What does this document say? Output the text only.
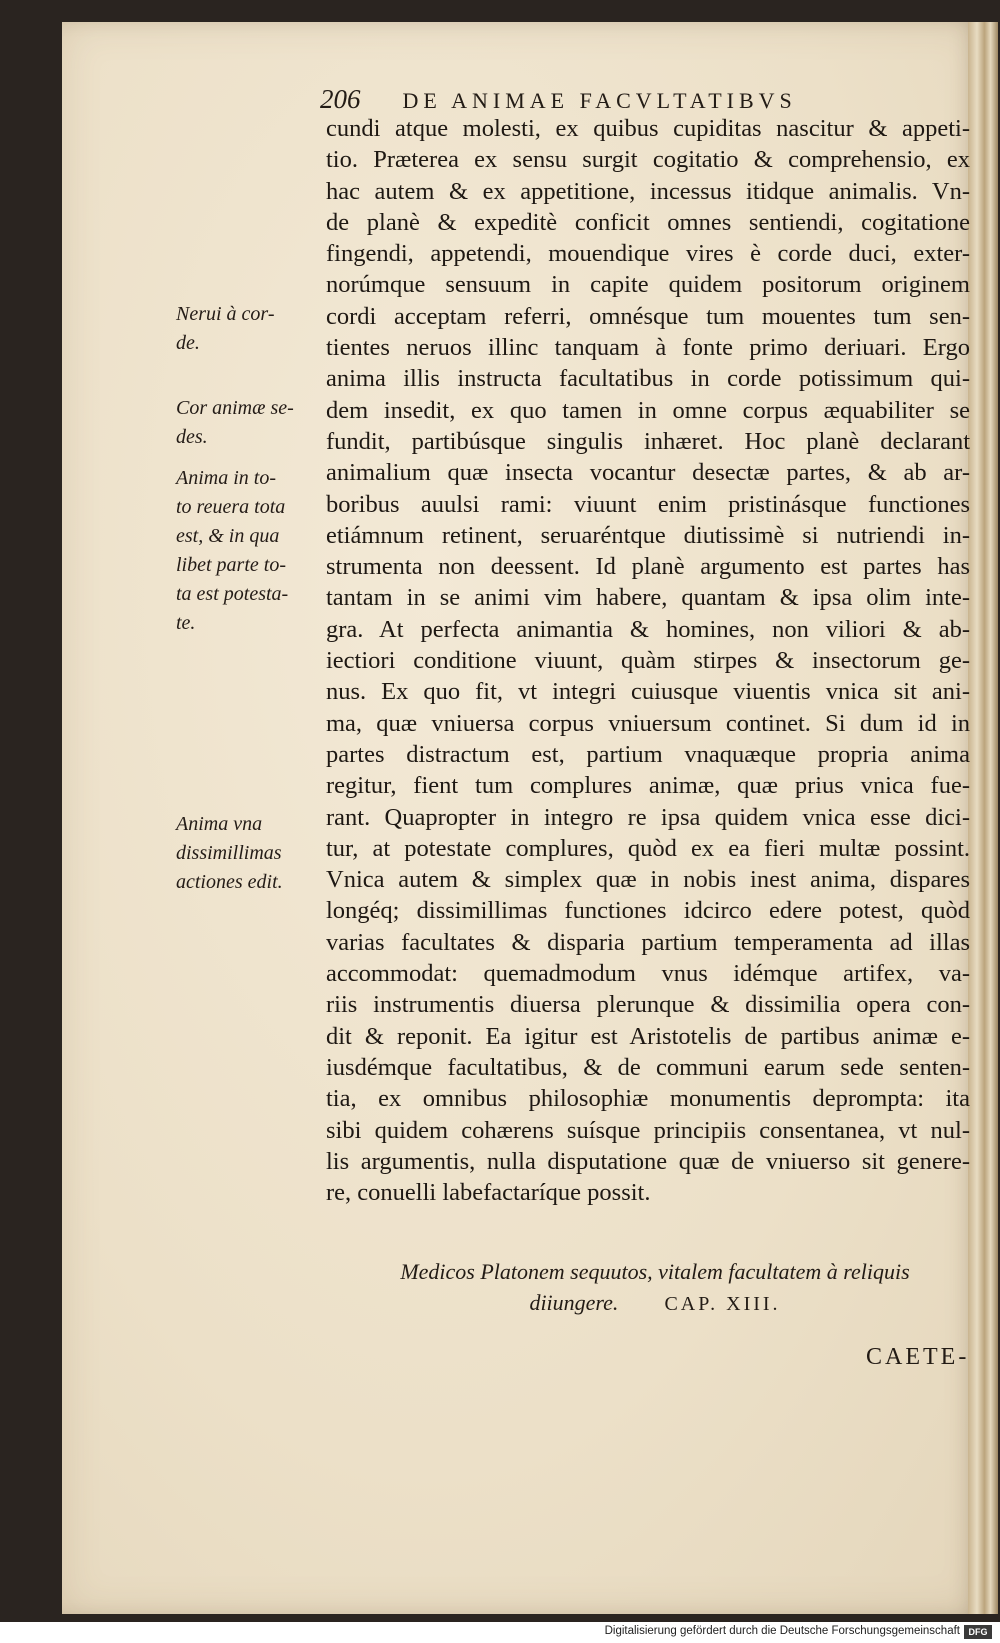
206 DE ANIMAE FACVLTATIBVS

cundi atque molesti, ex quibus cupiditas nascitur & appeti-
tio. Præterea ex sensu surgit cogitatio & comprehensio, ex
hac autem & ex appetitione, incessus itidque animalis. Vn-
de planè & expeditè conficit omnes sentiendi, cogitatione
fingendi, appetendi, mouendique vires è corde duci, exter-
norúmque sensuum in capite quidem positorum originem
cordi acceptam referri, omnésque tum mouentes tum sen-
tientes neruos illinc tanquam à fonte primo deriuari. Ergo
anima illis instructa facultatibus in corde potissimum qui-
dem insedit, ex quo tamen in omne corpus æquabiliter se
fundit, partibúsque singulis inhæret. Hoc planè declarant
animalium quæ insecta vocantur desectæ partes, & ab ar-
boribus auulsi rami: viuunt enim pristinásque functiones
etiámnum retinent, seruaréntque diutissimè si nutriendi in-
strumenta non deessent. Id planè argumento est partes has
tantam in se animi vim habere, quantam & ipsa olim inte-
gra. At perfecta animantia & homines, non viliori & ab-
iectiori conditione viuunt, quàm stirpes & insectorum ge-
nus. Ex quo fit, vt integri cuiusque viuentis vnica sit ani-
ma, quæ vniuersa corpus vniuersum continet. Si dum id in
partes distractum est, partium vnaquæque propria anima
regitur, fient tum complures animæ, quæ prius vnica fue-
rant. Quapropter in integro re ipsa quidem vnica esse dici-
tur, at potestate complures, quòd ex ea fieri multæ possint.
Vnica autem & simplex quæ in nobis inest anima, dispares
longéq; dissimillimas functiones idcirco edere potest, quòd
varias facultates & disparia partium temperamenta ad illas
accommodat: quemadmodum vnus idémque artifex, va-
riis instrumentis diuersa plerunque & dissimilia opera con-
dit & reponit. Ea igitur est Aristotelis de partibus animæ e-
iusdémque facultatibus, & de communi earum sede senten-
tia, ex omnibus philosophiæ monumentis deprompta: ita
sibi quidem cohærens suísque principiis consentanea, vt nul-
lis argumentis, nulla disputatione quæ de vniuerso sit genere-
re, conuelli labefactaríque possit.

Nerui à cor-
de.

Cor animæ se-
des.

Anima in to-
to reuera tota
est, & in qua
libet parte to-
ta est potesta-
te.

Anima vna
dissimillimas
actiones edit.

Medicos Platonem sequutos, vitalem facultatem à reliquis
diiungere. CAP. XIII.

CAETE-
Digitalisierung gefördert durch die Deutsche Forschungsgemeinschaft DFG
